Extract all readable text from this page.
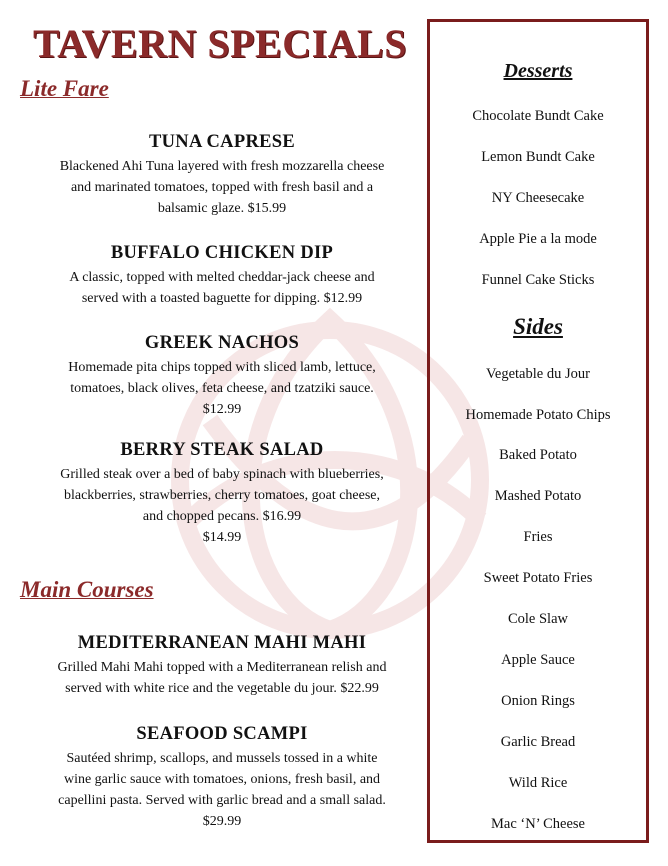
TAVERN SPECIALS
Lite Fare
TUNA CAPRESE
Blackened Ahi Tuna layered with fresh mozzarella cheese
and marinated tomatoes, topped with fresh basil and a
balsamic glaze. $15.99
BUFFALO CHICKEN DIP
A classic, topped with melted cheddar-jack cheese and
served with a toasted baguette for dipping. $12.99
GREEK NACHOS
Homemade pita chips topped with sliced lamb, lettuce,
tomatoes, black olives, feta cheese, and tzatziki sauce.
$12.99
BERRY STEAK SALAD
Grilled steak over a bed of baby spinach with blueberries,
blackberries, strawberries, cherry tomatoes, goat cheese,
and chopped pecans. $16.99
$14.99
Main Courses
MEDITERRANEAN MAHI MAHI
Grilled Mahi Mahi topped with a Mediterranean relish and
served with white rice and the vegetable du jour. $22.99
SEAFOOD SCAMPI
Sautéed shrimp, scallops, and mussels tossed in a white
wine garlic sauce with tomatoes, onions, fresh basil, and
capellini pasta. Served with garlic bread and a small salad.
$29.99
Desserts
Chocolate Bundt Cake
Lemon Bundt Cake
NY Cheesecake
Apple Pie a la mode
Funnel Cake Sticks
Sides
Vegetable du Jour
Homemade Potato Chips
Baked Potato
Mashed Potato
Fries
Sweet Potato Fries
Cole Slaw
Apple Sauce
Onion Rings
Garlic Bread
Wild Rice
Mac ‘N’ Cheese
